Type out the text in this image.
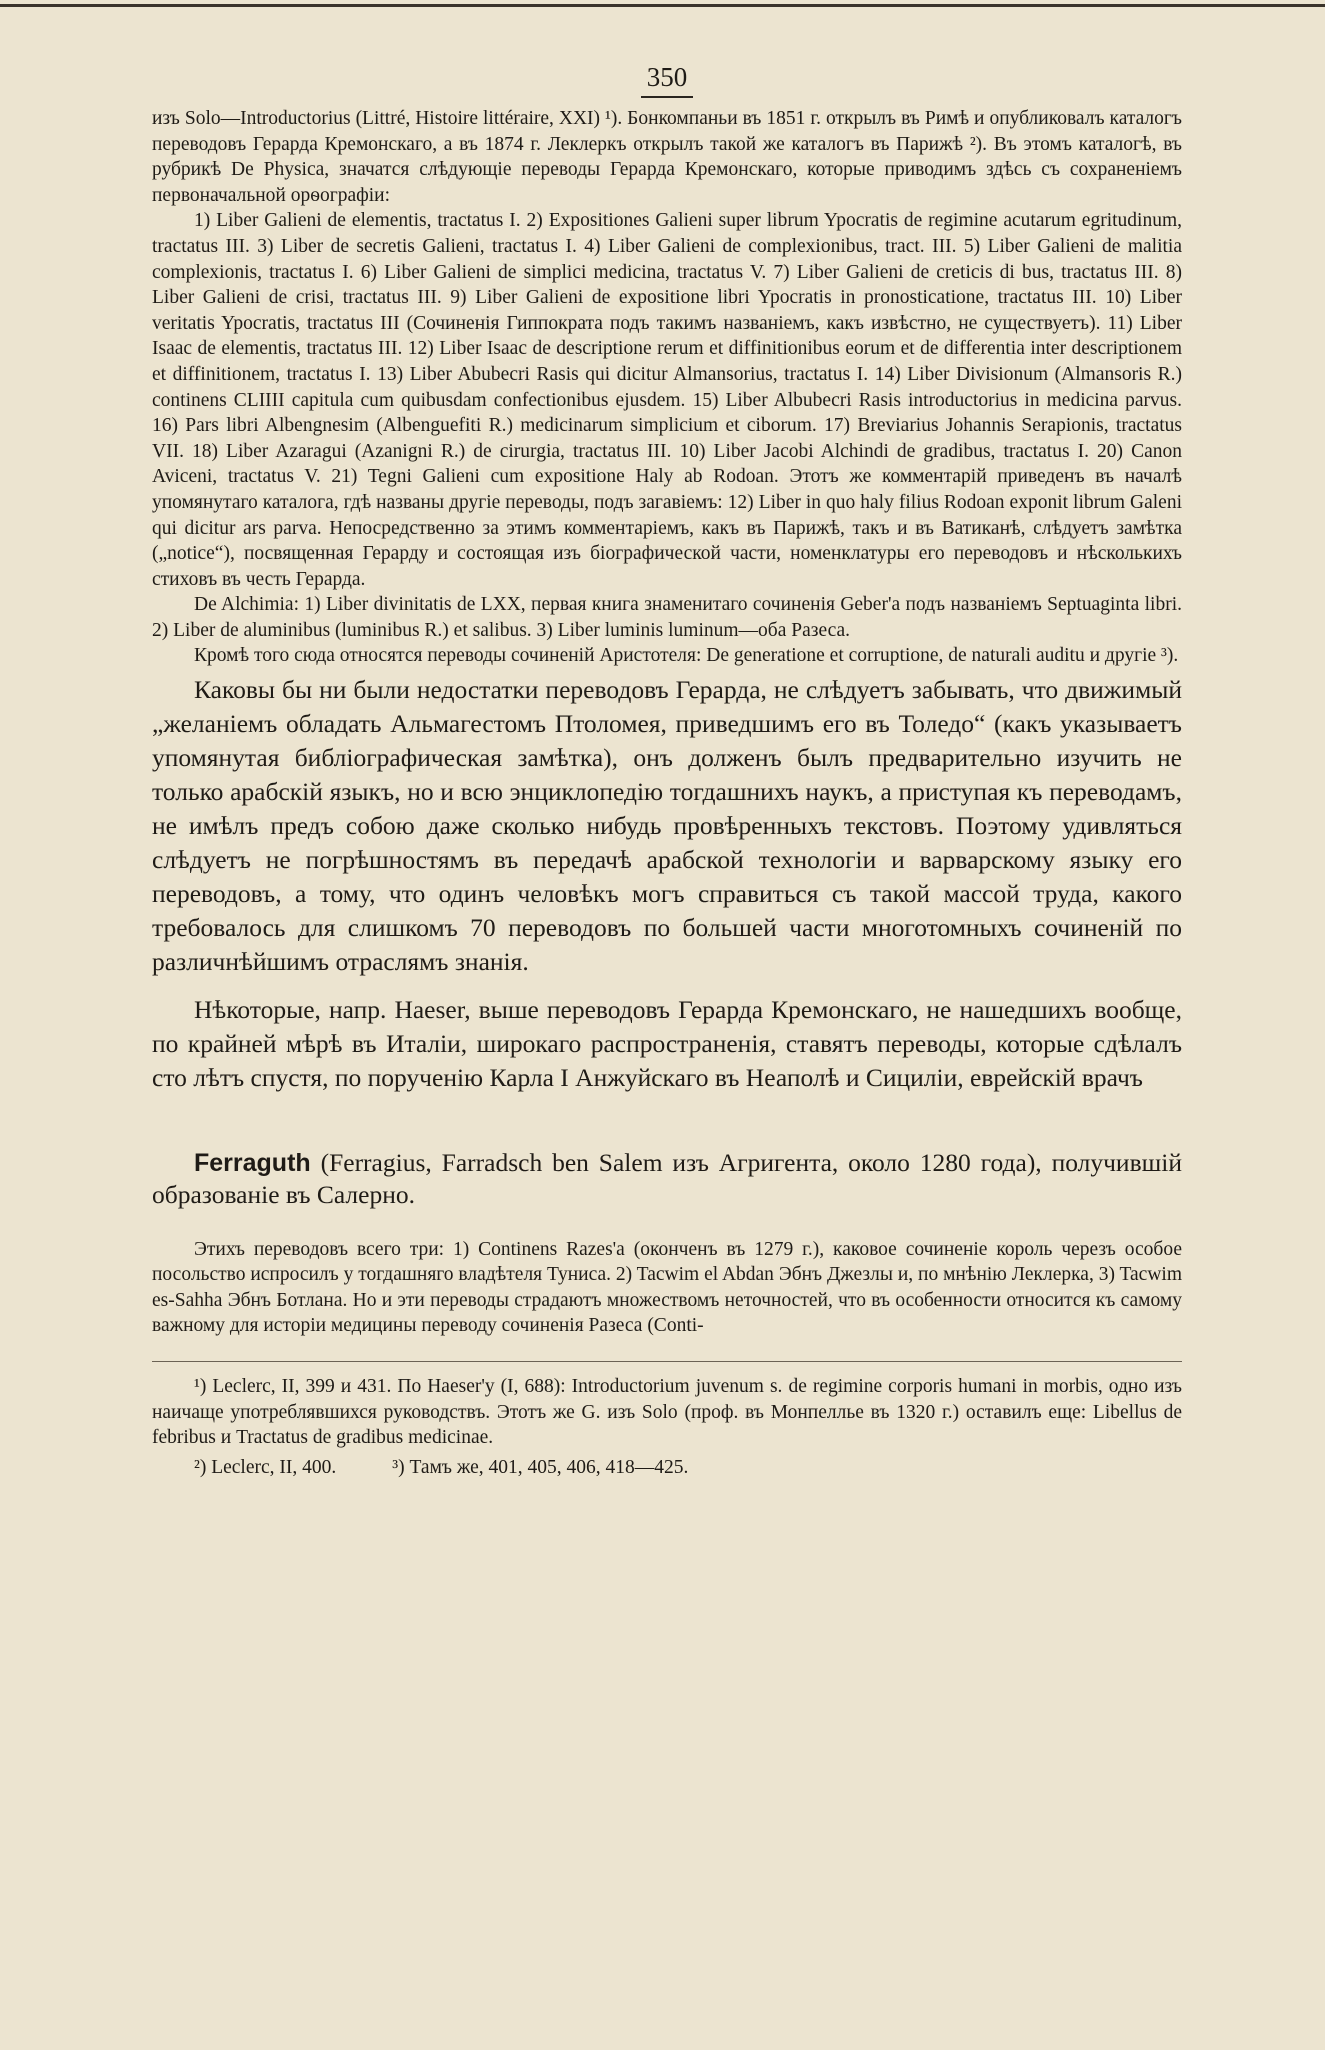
350

изъ Solo—Introductorius (Littré, Histoire littéraire, XXI) ¹). Бонкомпаньи въ 1851 г. открылъ въ Римѣ и опубликовалъ каталогъ переводовъ Герарда Кремонскаго, а въ 1874 г. Леклеркъ открылъ такой же каталогъ въ Парижѣ ²). Въ этомъ каталогѣ, въ рубрикѣ De Physica, значатся слѣдующіе переводы Герарда Кремонскаго, которые приводимъ здѣсь съ сохраненіемъ первоначальной орѳографіи:

1) Liber Galieni de elementis, tractatus I. 2) Expositiones Galieni super librum Ypocratis de regimine acutarum egritudinum, tractatus III. 3) Liber de secretis Galieni, tractatus I. 4) Liber Galieni de complexionibus, tract. III. 5) Liber Galieni de malitia complexionis, tractatus I. 6) Liber Galieni de simplici medicina, tractatus V. 7) Liber Galieni de creticis di bus, tractatus III. 8) Liber Galieni de crisi, tractatus III. 9) Liber Galieni de expositione libri Ypocratis in pronosticatione, tractatus III. 10) Liber veritatis Ypocratis, tractatus III (Сочиненія Гиппократа подъ такимъ названіемъ, какъ извѣстно, не существуетъ). 11) Liber Isaac de elementis, tractatus III. 12) Liber Isaac de descriptione rerum et diffinitionibus eorum et de differentia inter descriptionem et diffinitionem, tractatus I. 13) Liber Abubecri Rasis qui dicitur Almansorius, tractatus I. 14) Liber Divisionum (Almansoris R.) continens CLIIII capitula cum quibusdam confectionibus ejusdem. 15) Liber Albubecri Rasis introductorius in medicina parvus. 16) Pars libri Albengnesim (Albenguefiti R.) medicinarum simplicium et ciborum. 17) Breviarius Johannis Serapionis, tractatus VII. 18) Liber Azaragui (Azanigni R.) de cirurgia, tractatus III. 10) Liber Jacobi Alchindi de gradibus, tractatus I. 20) Canon Aviceni, tractatus V. 21) Tegni Galieni cum expositione Haly ab Rodoan. Этотъ же комментарій приведенъ въ началѣ упомянутаго каталога, гдѣ названы другіе переводы, подъ загавіемъ: 12) Liber in quo haly filius Rodoan exponit librum Galeni qui dicitur ars parva. Непосредственно за этимъ комментаріемъ, какъ въ Парижѣ, такъ и въ Ватиканѣ, слѣдуетъ замѣтка („notice“), посвященная Герарду и состоящая изъ біографической части, номенклатуры его переводовъ и нѣсколькихъ стиховъ въ честь Герарда.

De Alchimia: 1) Liber divinitatis de LXX, первая книга знаменитаго сочиненія Geber'a подъ названіемъ Septuaginta libri. 2) Liber de aluminibus (luminibus R.) et salibus. 3) Liber luminis luminum—оба Разеса.

Кромѣ того сюда относятся переводы сочиненій Аристотеля: De generatione et corruptione, de naturali auditu и другіе ³).

Каковы бы ни были недостатки переводовъ Герарда, не слѣдуетъ забывать, что движимый „желаніемъ обладать Альмагестомъ Птоломея, приведшимъ его въ Толедо“ (какъ указываетъ упомянутая библіографическая замѣтка), онъ долженъ былъ предварительно изучить не только арабскій языкъ, но и всю энциклопедію тогдашнихъ наукъ, а приступая къ переводамъ, не имѣлъ предъ собою даже сколько нибудь провѣренныхъ текстовъ. Поэтому удивляться слѣдуетъ не погрѣшностямъ въ передачѣ арабской технологіи и варварскому языку его переводовъ, а тому, что одинъ человѣкъ могъ справиться съ такой массой труда, какого требовалось для слишкомъ 70 переводовъ по большей части многотомныхъ сочиненій по различнѣйшимъ отраслямъ знанія.

Нѣкоторые, напр. Haeser, выше переводовъ Герарда Кремонскаго, не нашедшихъ вообще, по крайней мѣрѣ въ Италіи, широкаго распространенія, ставятъ переводы, которые сдѣлалъ сто лѣтъ спустя, по порученію Карла I Анжуйскаго въ Неаполѣ и Сициліи, еврейскій врачъ

Ferraguth (Ferragius, Farradsch ben Salem изъ Агригента, около 1280 года), получившій образованіе въ Салерно.

Этихъ переводовъ всего три: 1) Continens Razes'a (оконченъ въ 1279 г.), каковое сочиненіе король черезъ особое посольство испросилъ у тогдашняго владѣтеля Туниса. 2) Tacwim el Abdan Эбнъ Джезлы и, по мнѣнію Леклерка, 3) Tacwim es-Sahha Эбнъ Ботлана. Но и эти переводы страдаютъ множествомъ неточностей, что въ особенности относится къ самому важному для исторіи медицины переводу сочиненія Разеса (Conti-

¹) Leclerc, II, 399 и 431. По Haeser'у (I, 688): Introductorium juvenum s. de regimine corporis humani in morbis, одно изъ наичаще употреблявшихся руководствъ. Этотъ же G. изъ Solo (проф. въ Монпеллье въ 1320 г.) оставилъ еще: Libellus de febribus и Tractatus de gradibus medicinae.

²) Leclerc, II, 400.	³) Тамъ же, 401, 405, 406, 418—425.
